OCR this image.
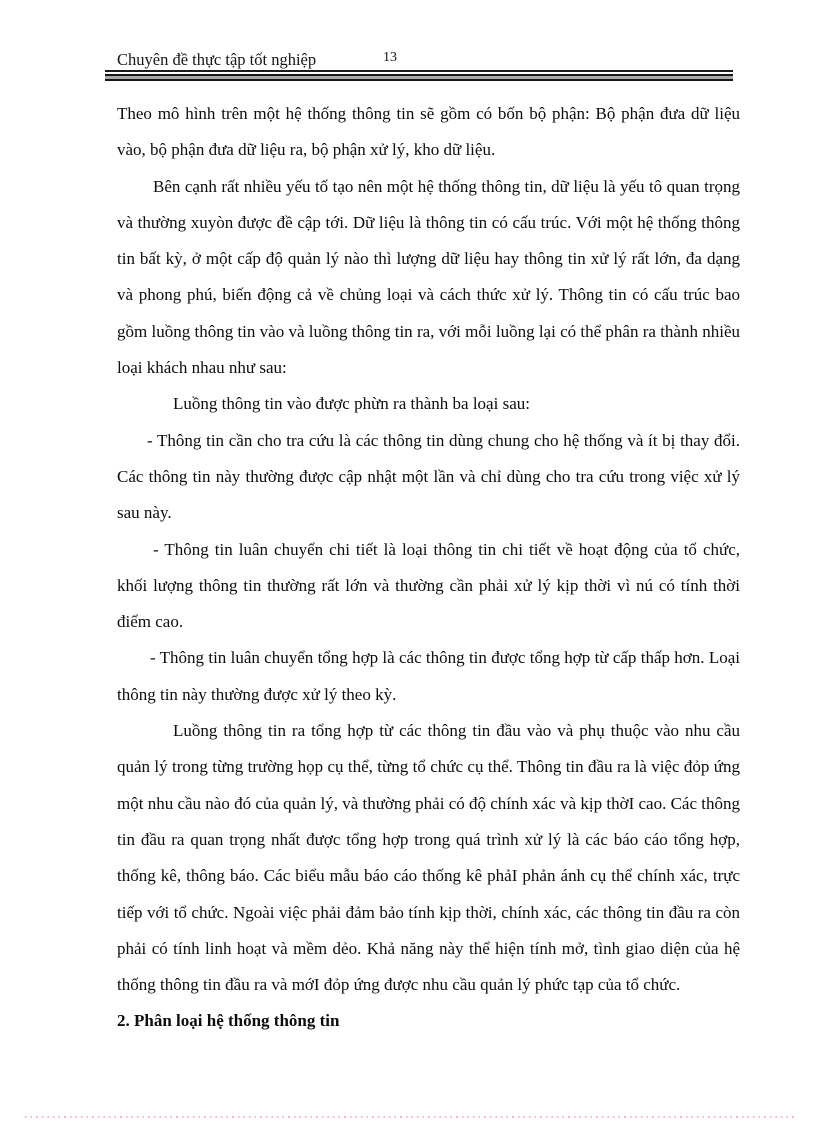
Chuyên đề thực tập tốt nghiệp	13

Theo mô hình trên một hệ thống thông tin sẽ gồm có bốn bộ phận: Bộ phận đưa dữ liệu vào, bộ phận đưa dữ liệu ra, bộ phận xử lý, kho dữ liệu.

Bên cạnh rất nhiều yếu tố tạo nên một hệ thống thông tin, dữ liệu là yếu tô quan trọng và thường xuyòn được đề cập tới. Dữ liệu là thông tin có cấu trúc. Với một hệ thống thông tin bất kỳ, ở một cấp độ quản lý nào thì lượng dữ liệu hay thông tin xử lý rất lớn, đa dạng và phong phú, biến động cả về chủng loại và cách thức xử lý. Thông tin có cấu trúc bao gồm luồng thông tin vào và luồng thông tin ra, với mỗi luồng lại có thể phân ra thành nhiều loại khách nhau như sau:

Luồng thông tin vào được phừn ra thành ba loại sau:

- Thông tin cần cho tra cứu là các thông tin dùng chung cho hệ thống và ít bị thay đổi. Các thông tin này thường được cập nhật một lần và chỉ dùng cho tra cứu trong việc xử lý sau này.

- Thông tin luân chuyển chi tiết là loại thông tin chi tiết về hoạt động của tổ chức, khối lượng thông tin thường rất lớn và thường cần phải xử lý kịp thời vì nú có tính thời điểm cao.

- Thông tin luân chuyển tổng hợp là các thông tin được tổng hợp từ cấp thấp hơn. Loại thông tin này thường được xử lý theo kỳ.

Luồng thông tin ra tổng hợp từ các thông tin đầu vào và phụ thuộc vào nhu cầu quản lý trong từng trường họp cụ thể, từng tổ chức cụ thể. Thông tin đầu ra là việc đỏp ứng một nhu cầu nào đó của quản lý, và thường phải có độ chính xác và kịp thờI cao. Các thông tin đầu ra quan trọng nhất được tổng hợp trong quá trình xử lý là các báo cáo tổng hợp, thống kê, thông báo. Các biểu mẫu báo cáo thống kê phảI phản ánh cụ thể chính xác, trực tiếp với tổ chức. Ngoài việc phải đảm bảo tính kịp thời, chính xác, các thông tin đầu ra còn phải có tính linh hoạt và mềm dẻo. Khả năng này thể hiện tính mở, tình giao diện của hệ thống thông tin đầu ra và mớI đỏp ứng được nhu cầu quản lý phức tạp của tổ chức.

2. Phân loại hệ thống thông tin
